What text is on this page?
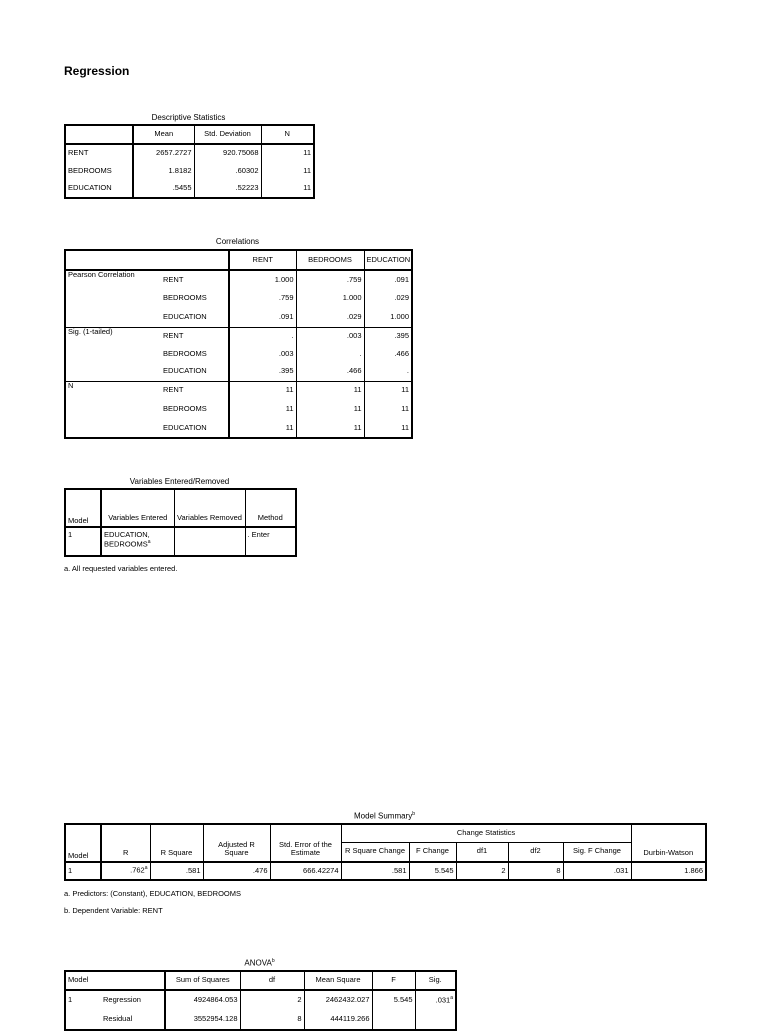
Regression
Descriptive Statistics
	Mean	Std. Deviation	N
RENT	2657.2727	920.75068	11
BEDROOMS	1.8182	.60302	11
EDUCATION	.5455	.52223	11
Correlations
		RENT	BEDROOMS	EDUCATION
Pearson Correlation	RENT	1.000	.759	.091
	BEDROOMS	.759	1.000	.029
	EDUCATION	.091	.029	1.000
Sig. (1-tailed)	RENT	.	.003	.395
	BEDROOMS	.003	.	.466
	EDUCATION	.395	.466	.
N	RENT	11	11	11
	BEDROOMS	11	11	11
	EDUCATION	11	11	11
Variables Entered/Removed
Model	Variables Entered	Variables Removed	Method
1	EDUCATION, BEDROOMS$^a$		. Enter
a. All requested variables entered.
Model Summary$^b$
Model	R	R Square	Adjusted R Square	Std. Error of the Estimate	Change Statistics					Durbin-Watson
					R Square Change	F Change	df1	df2	Sig. F Change	
1	.762$^a$	.581	.476	666.42274	.581	5.545	2	8	.031	1.866
a. Predictors: (Constant), EDUCATION, BEDROOMS
b. Dependent Variable: RENT
ANOVA$^b$
Model		Sum of Squares	df	Mean Square	F	Sig.
1	Regression	4924864.053	2	2462432.027	5.545	.031$^a$
	Residual	3552954.128	8	444119.266		
